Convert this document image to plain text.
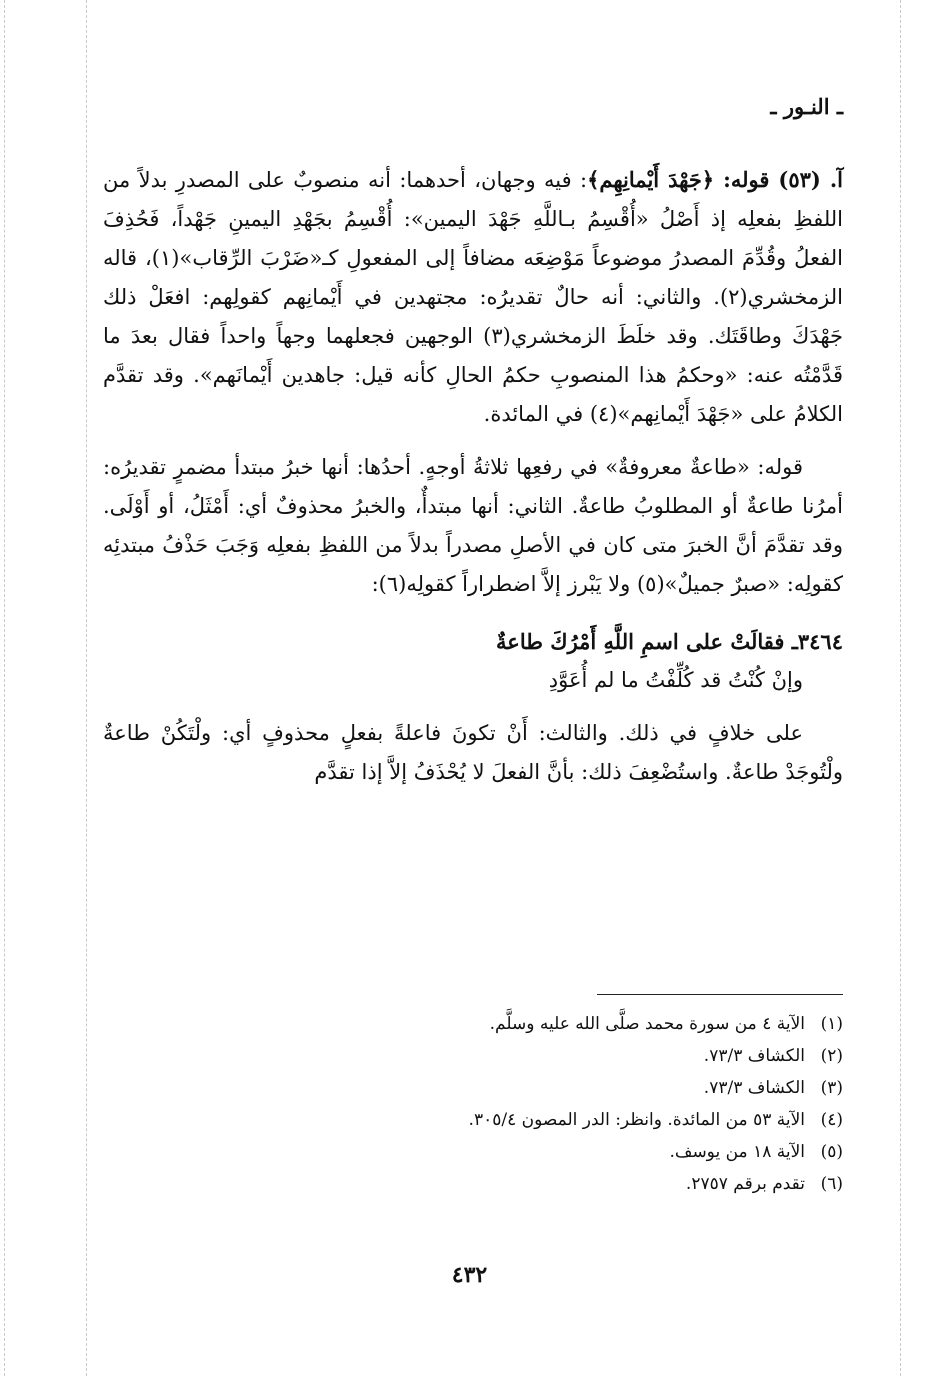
ـ النـور ـ

آ. (٥٣) قوله: ﴿جَهْدَ أَيْمانِهِم﴾: فيه وجهان، أحدهما: أنه منصوبٌ على المصدرِ بدلاً من اللفظِ بفعلِه إذ أَصْلُ «أُقْسِمُ بـاللَّهِ جَهْدَ اليمين»: أُقْسِمُ بجَهْدِ اليمينِ جَهْداً، فَحُذِفَ الفعلُ وقُدِّمَ المصدرُ موضوعاً مَوْضِعَه مضافاً إلى المفعولِ كـ«ضَرْبَ الرِّقاب»(١)، قاله الزمخشري(٢). والثاني: أنه حالٌ تقديرُه: مجتهدين في أَيْمانِهم كقولِهم: افعَلْ ذلك جَهْدَكَ وطاقَتَك. وقد خلَطَ الزمخشري(٣) الوجهين فجعلهما وجهاً واحداً فقال بعدَ ما قَدَّمْتُه عنه: «وحكمُ هذا المنصوبِ حكمُ الحالِ كأنه قيل: جاهدين أَيْمانَهم». وقد تقدَّم الكلامُ على «جَهْدَ أَيْمانِهم»(٤) في المائدة.

قوله: «طاعةٌ معروفةٌ» في رفعِها ثلاثةُ أوجهٍ. أحدُها: أنها خبرُ مبتدأ مضمرٍ تقديرُه: أمرُنا طاعةٌ أو المطلوبُ طاعةٌ. الثاني: أنها مبتدأٌ، والخبرُ محذوفٌ أي: أَمْثَلُ، أو أَوْلَى. وقد تقدَّمَ أنَّ الخبرَ متى كان في الأصلِ مصدراً بدلاً من اللفظِ بفعلِه وَجَبَ حَذْفُ مبتدئِه كقولِه: «صبرٌ جميلٌ»(٥) ولا يَبْرز إلاَّ اضطراراً كقولِه(٦):

٣٤٦٤ـ فقالَتْ على اسمِ اللَّهِ أَمْرُكَ طاعةٌ
وإنْ كُنْتُ قد كُلِّفْتُ ما لم أُعَوَّدِ

على خلافٍ في ذلك. والثالث: أَنْ تكونَ فاعلةً بفعلٍ محذوفٍ أي: ولْتَكُنْ طاعةٌ ولْتُوجَدْ طاعةٌ. واستُضْعِفَ ذلك: بأنَّ الفعلَ لا يُحْذَفُ إلاَّ إذا تقدَّم

(١)الآية ٤ من سورة محمد صلَّى الله عليه وسلَّم.
(٢)الكشاف ٧٣/٣.
(٣)الكشاف ٧٣/٣.
(٤)الآية ٥٣ من المائدة. وانظر: الدر المصون ٣٠٥/٤.
(٥)الآية ١٨ من يوسف.
(٦)تقدم برقم ٢٧٥٧.
٤٣٢
